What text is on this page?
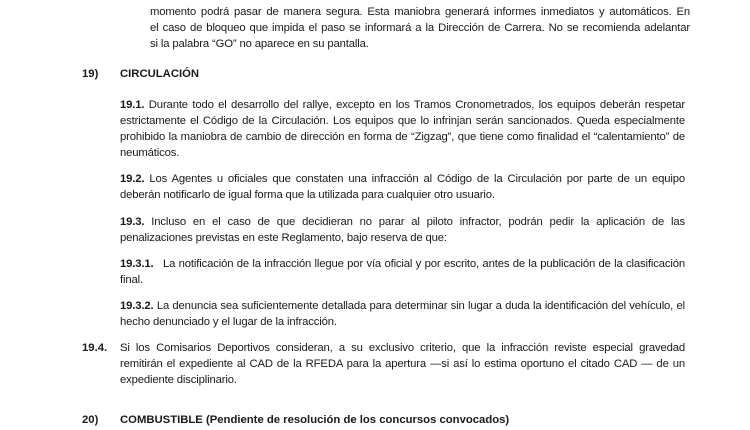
momento podrá pasar de manera segura. Esta maniobra generará informes inmediatos y automáticos. En
el caso de bloqueo que impida el paso se informará a la Dirección de Carrera. No se recomienda adelantar
si la palabra “GO” no aparece en su pantalla.
19) CIRCULACIÓN
19.1. Durante todo el desarrollo del rallye, excepto en los Tramos Cronometrados, los equipos deberán respetar estrictamente el Código de la Circulación. Los equipos que lo infrinjan serán sancionados. Queda especialmente prohibido la maniobra de cambio de dirección en forma de “Zigzag”, que tiene como finalidad el “calentamiento” de neumáticos.
19.2. Los Agentes u oficiales que constaten una infracción al Código de la Circulación por parte de un equipo deberán notificarlo de igual forma que la utilizada para cualquier otro usuario.
19.3. Incluso en el caso de que decidieran no parar al piloto infractor, podrán pedir la aplicación de las penalizaciones previstas en este Reglamento, bajo reserva de que:
19.3.1. La notificación de la infracción llegue por vía oficial y por escrito, antes de la publicación de la clasificación final.
19.3.2. La denuncia sea suficientemente detallada para determinar sin lugar a duda la identificación del vehículo, el hecho denunciado y el lugar de la infracción.
19.4. Si los Comisarios Deportivos consideran, a su exclusivo criterio, que la infracción reviste especial gravedad remitirán el expediente al CAD de la RFEDA para la apertura —si así lo estima oportuno el citado CAD — de un expediente disciplinario.
20) COMBUSTIBLE (Pendiente de resolución de los concursos convocados)
